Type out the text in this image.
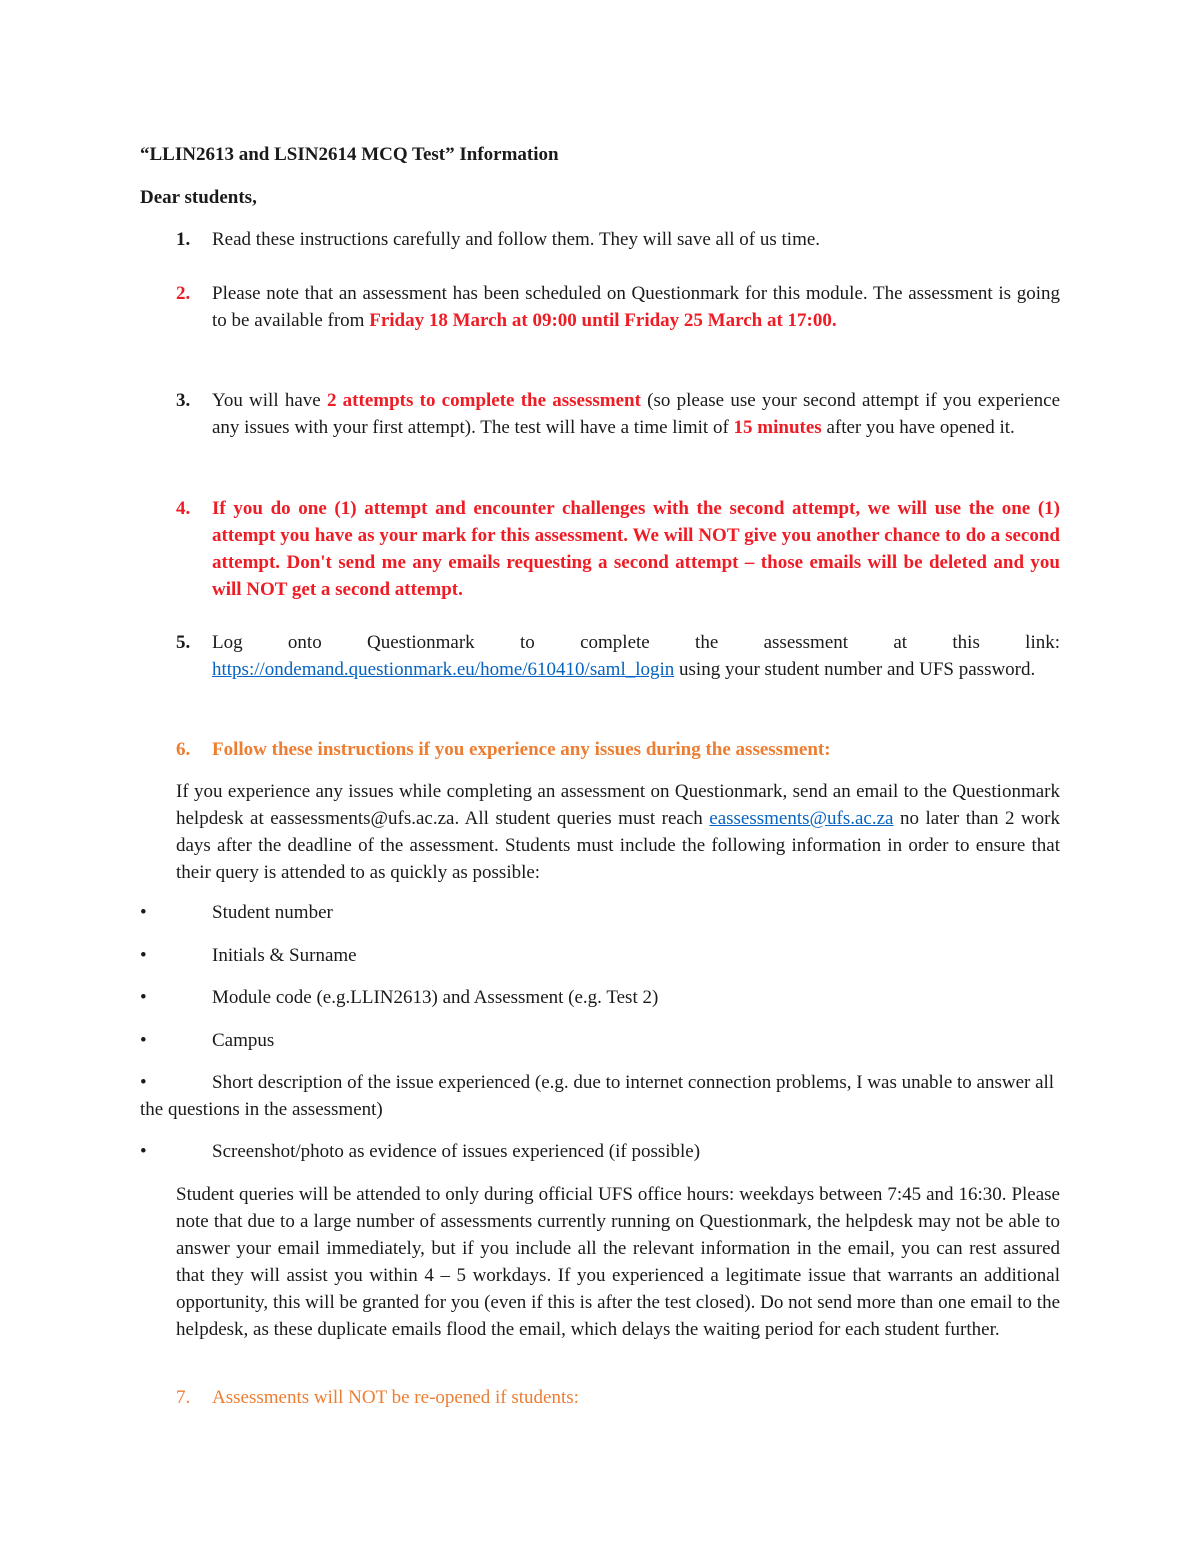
“LLIN2613 and LSIN2614 MCQ Test” Information
Dear students,
1.	Read these instructions carefully and follow them. They will save all of us time.
2.	Please note that an assessment has been scheduled on Questionmark for this module. The assessment is going to be available from Friday 18 March at 09:00 until Friday 25 March at 17:00.
3.	You will have 2 attempts to complete the assessment (so please use your second attempt if you experience any issues with your first attempt). The test will have a time limit of 15 minutes after you have opened it.
4.	If you do one (1) attempt and encounter challenges with the second attempt, we will use the one (1) attempt you have as your mark for this assessment. We will NOT give you another chance to do a second attempt. Don't send me any emails requesting a second attempt – those emails will be deleted and you will NOT get a second attempt.
5.	Log onto Questionmark to complete the assessment at this link:
https://ondemand.questionmark.eu/home/610410/saml_login using your student number and UFS password.
6.	Follow these instructions if you experience any issues during the assessment:
If you experience any issues while completing an assessment on Questionmark, send an email to the Questionmark helpdesk at eassessments@ufs.ac.za. All student queries must reach eassessments@ufs.ac.za no later than 2 work days after the deadline of the assessment. Students must include the following information in order to ensure that their query is attended to as quickly as possible:
•	Student number
•	Initials & Surname
•	Module code (e.g.LLIN2613) and Assessment (e.g. Test 2)
•	Campus
•	Short description of the issue experienced (e.g. due to internet connection problems, I was unable to answer all the questions in the assessment)
•	Screenshot/photo as evidence of issues experienced (if possible)
Student queries will be attended to only during official UFS office hours: weekdays between 7:45 and 16:30. Please note that due to a large number of assessments currently running on Questionmark, the helpdesk may not be able to answer your email immediately, but if you include all the relevant information in the email, you can rest assured that they will assist you within 4 – 5 workdays. If you experienced a legitimate issue that warrants an additional opportunity, this will be granted for you (even if this is after the test closed). Do not send more than one email to the helpdesk, as these duplicate emails flood the email, which delays the waiting period for each student further.
7.	Assessments will NOT be re-opened if students:
